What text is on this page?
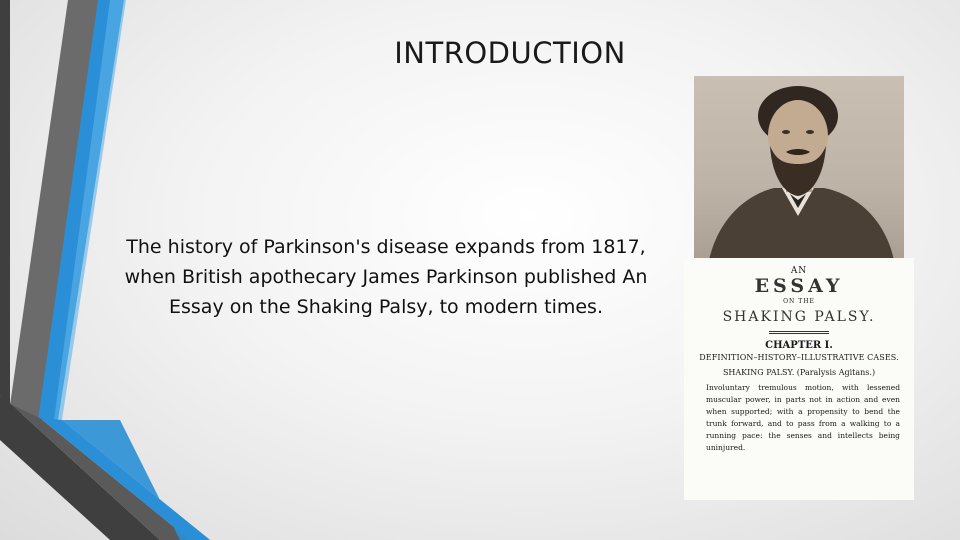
INTRODUCTION
The history of Parkinson's disease expands from 1817, when British apothecary James Parkinson published An Essay on the Shaking Palsy, to modern times.
AN
ESSAY
ON THE
SHAKING PALSY.
CHAPTER I.
DEFINITION–HISTORY–ILLUSTRATIVE CASES.
SHAKING PALSY. (Paralysis Agitans.)
Involuntary tremulous motion, with lessened muscular power, in parts not in action and even when supported; with a propensity to bend the trunk forward, and to pass from a walking to a running pace: the senses and intellects being uninjured.
